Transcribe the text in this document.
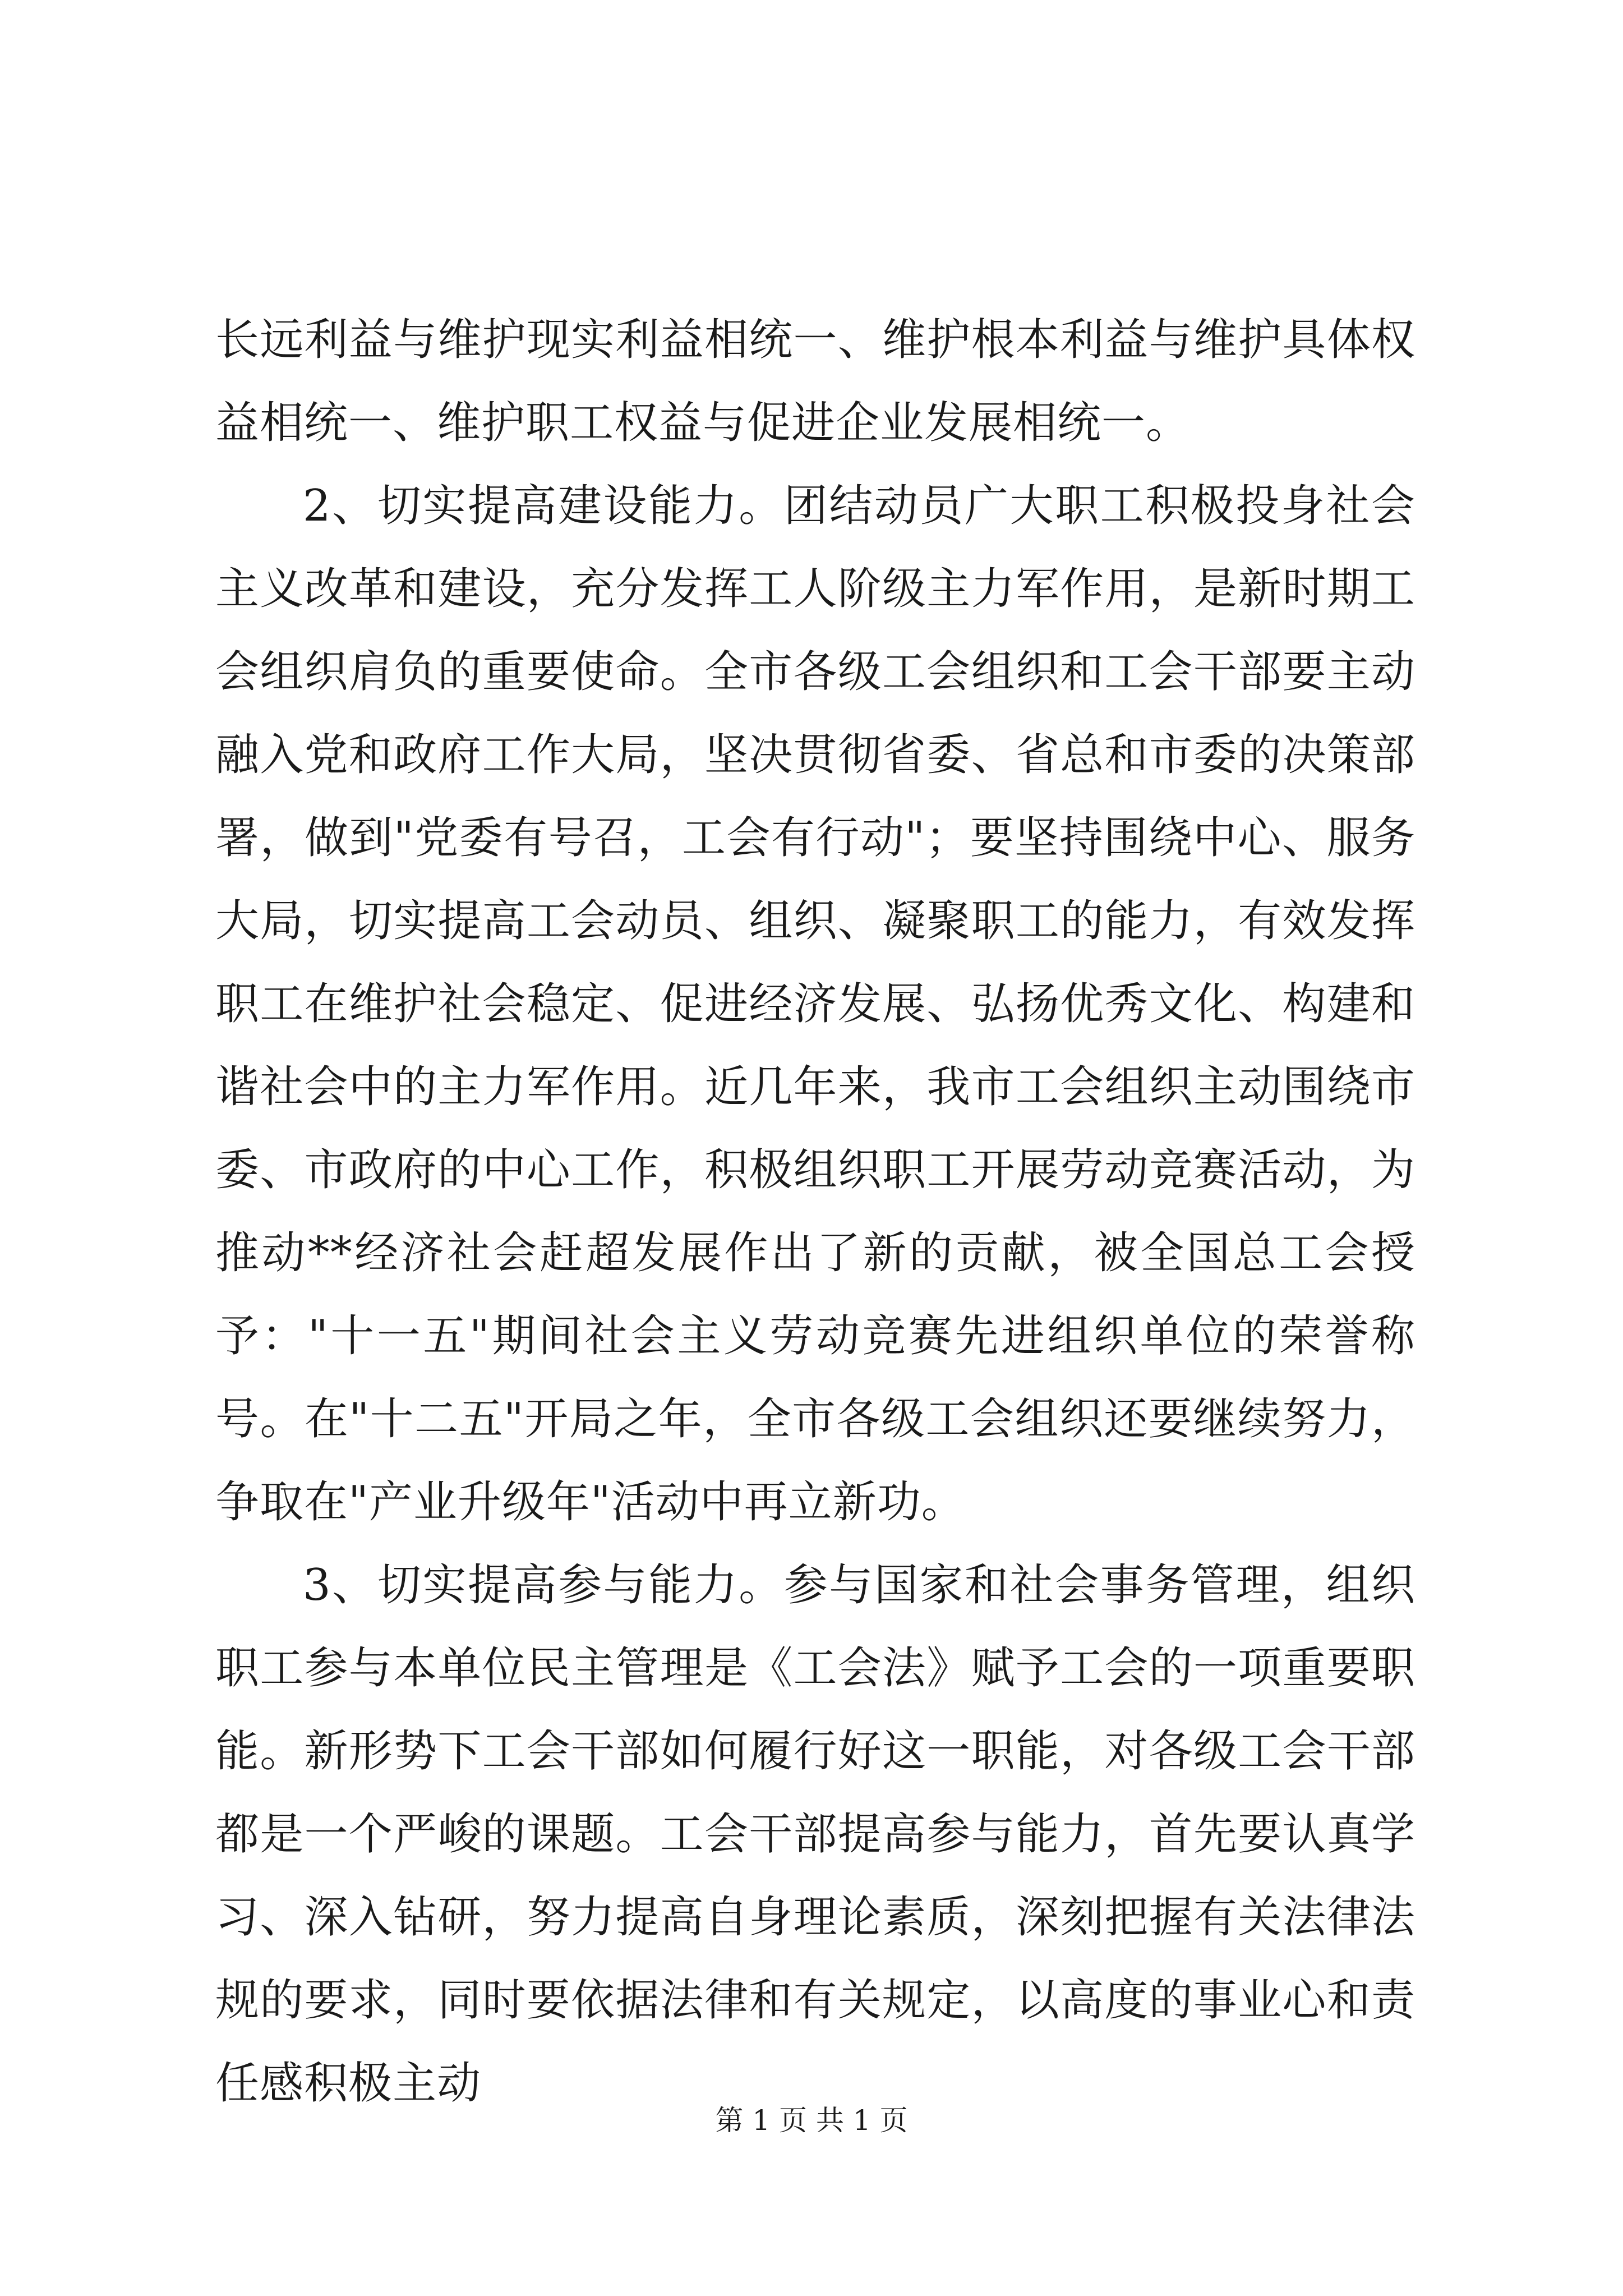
长远利益与维护现实利益相统一、维护根本利益与维护具体权益相统一、维护职工权益与促进企业发展相统一。

2、切实提高建设能力。团结动员广大职工积极投身社会主义改革和建设，充分发挥工人阶级主力军作用，是新时期工会组织肩负的重要使命。全市各级工会组织和工会干部要主动融入党和政府工作大局，坚决贯彻省委、省总和市委的决策部署，做到"党委有号召，工会有行动"；要坚持围绕中心、服务大局，切实提高工会动员、组织、凝聚职工的能力，有效发挥职工在维护社会稳定、促进经济发展、弘扬优秀文化、构建和谐社会中的主力军作用。近几年来，我市工会组织主动围绕市委、市政府的中心工作，积极组织职工开展劳动竞赛活动，为推动**经济社会赶超发展作出了新的贡献，被全国总工会授予："十一五"期间社会主义劳动竞赛先进组织单位的荣誉称号。在"十二五"开局之年，全市各级工会组织还要继续努力，争取在"产业升级年"活动中再立新功。

3、切实提高参与能力。参与国家和社会事务管理，组织职工参与本单位民主管理是《工会法》赋予工会的一项重要职能。新形势下工会干部如何履行好这一职能，对各级工会干部都是一个严峻的课题。工会干部提高参与能力，首先要认真学习、深入钻研，努力提高自身理论素质，深刻把握有关法律法规的要求，同时要依据法律和有关规定，以高度的事业心和责任感积极主动

第 1 页 共 1 页
